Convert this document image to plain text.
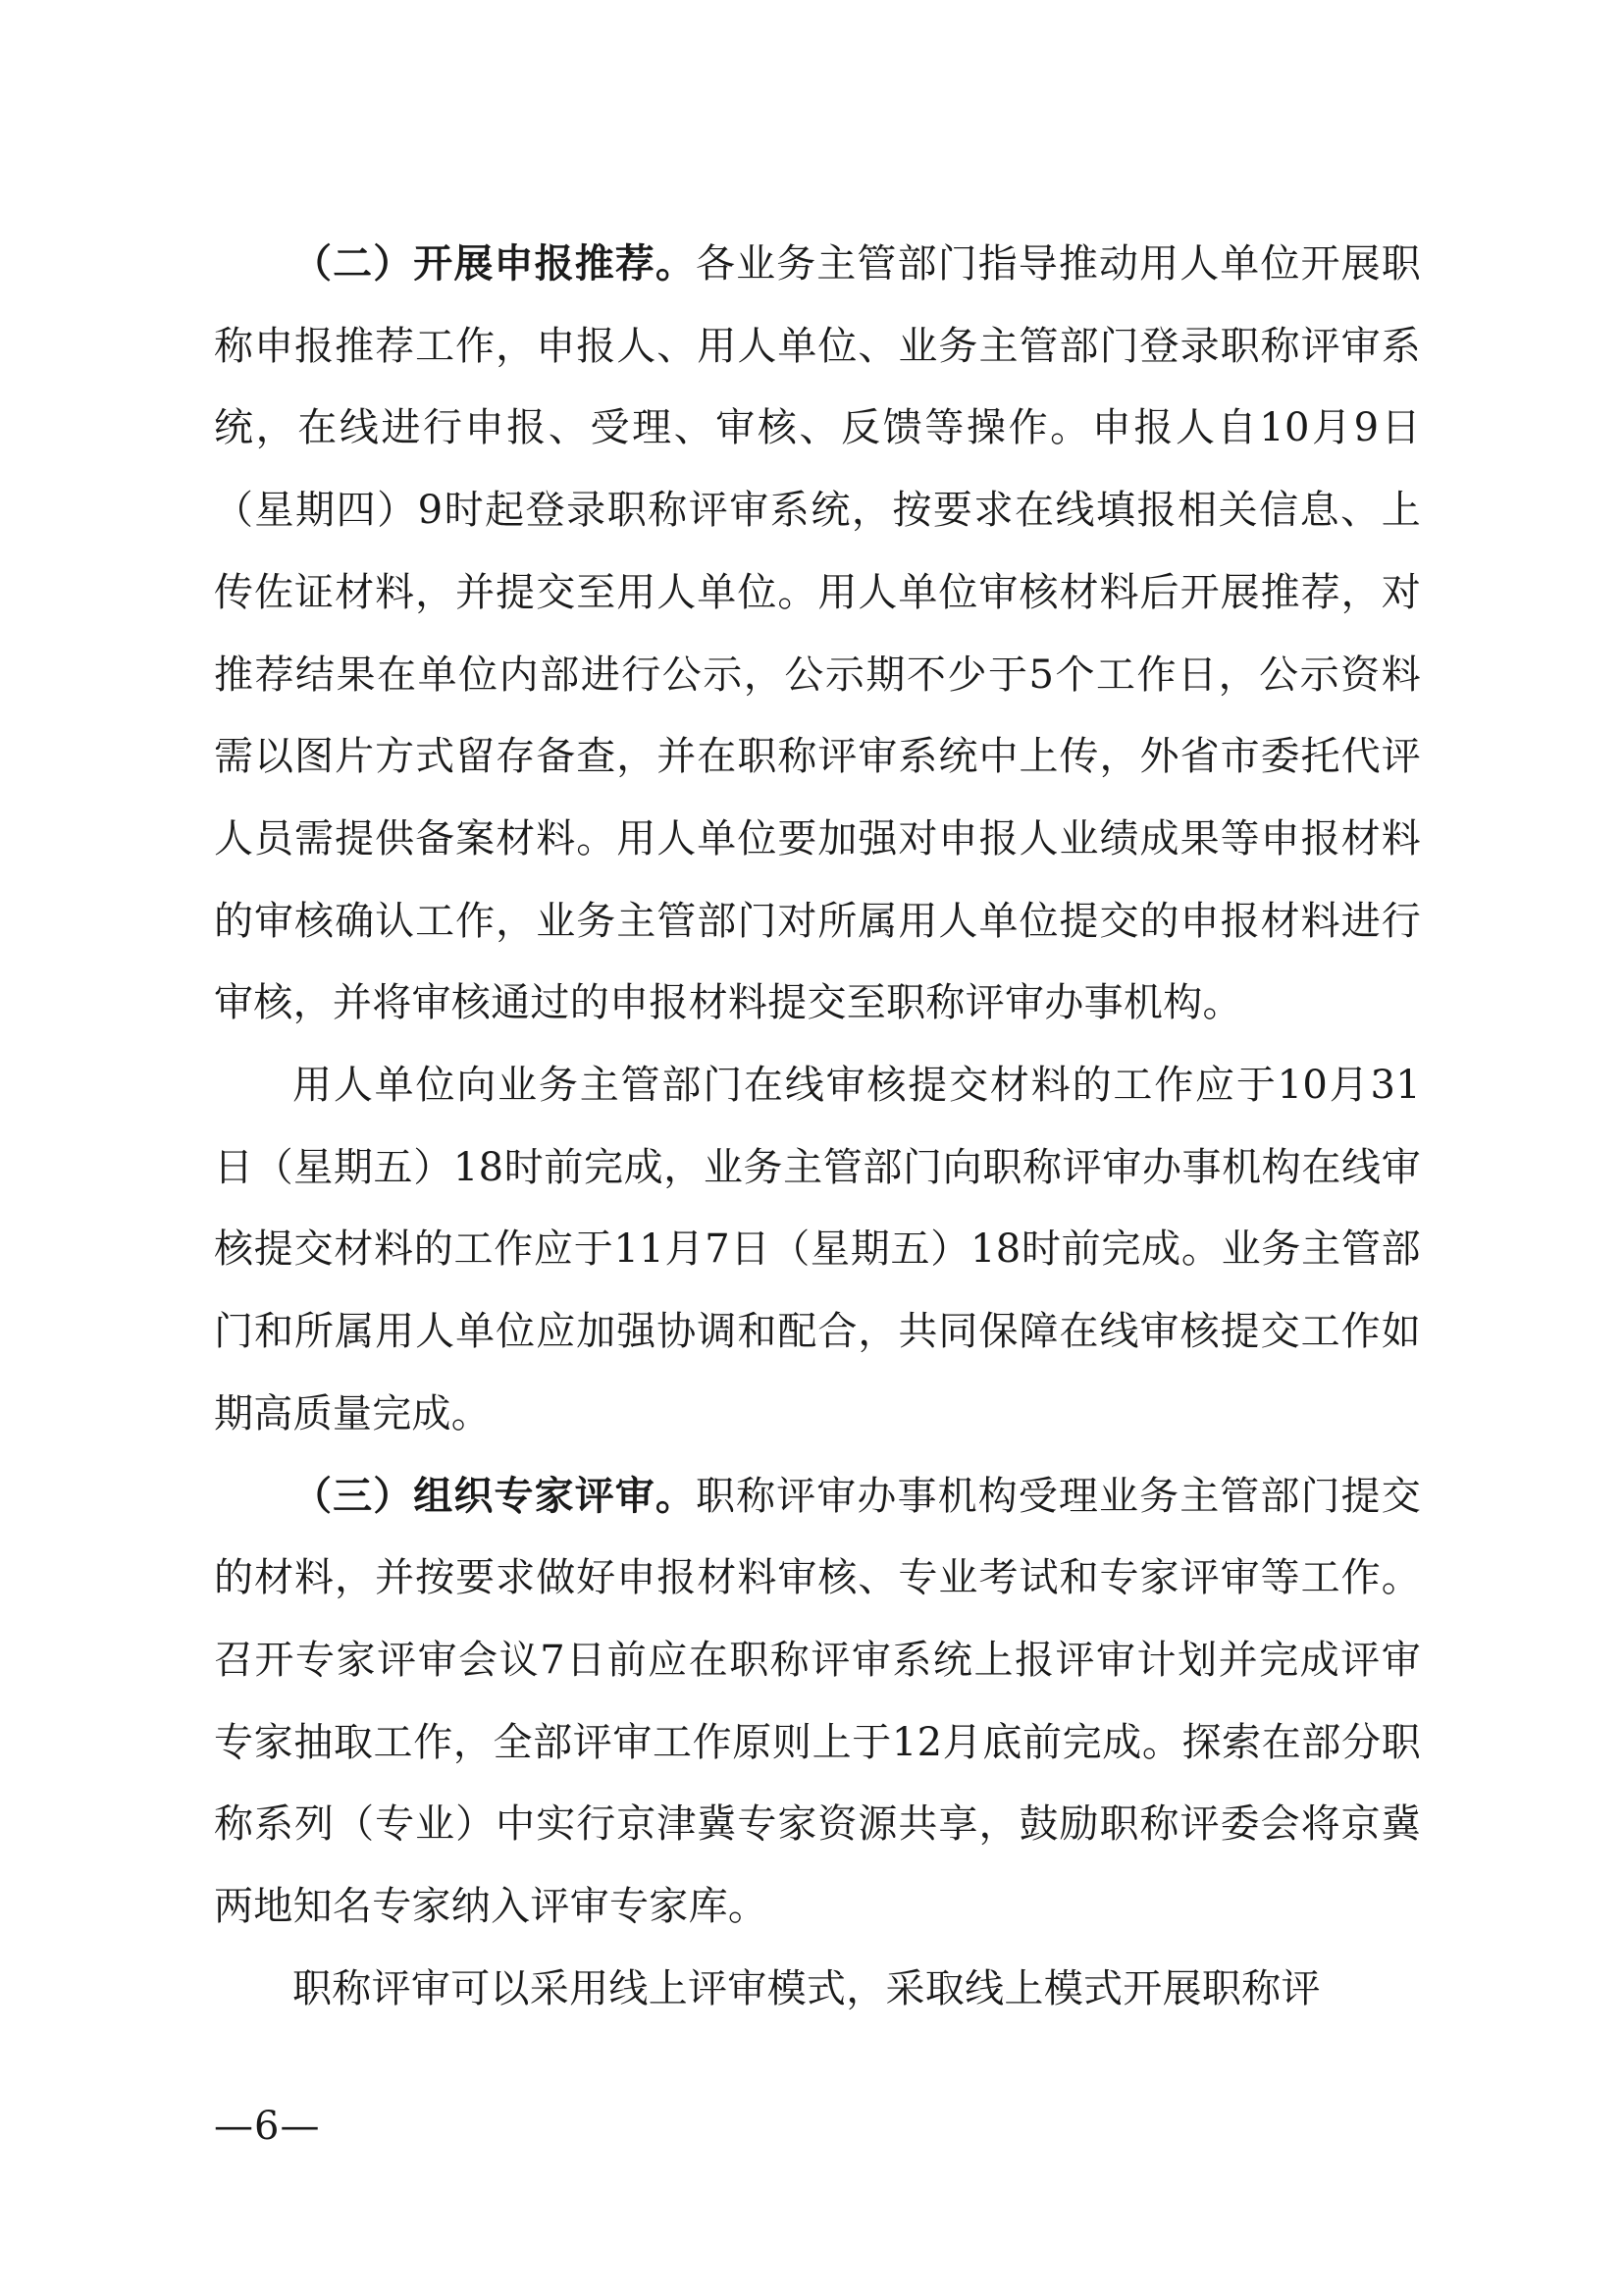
（二）开展申报推荐。各业务主管部门指导推动用人单位开展职称申报推荐工作，申报人、用人单位、业务主管部门登录职称评审系统，在线进行申报、受理、审核、反馈等操作。申报人自10月9日（星期四）9时起登录职称评审系统，按要求在线填报相关信息、上传佐证材料，并提交至用人单位。用人单位审核材料后开展推荐，对推荐结果在单位内部进行公示，公示期不少于5个工作日，公示资料需以图片方式留存备查，并在职称评审系统中上传，外省市委托代评人员需提供备案材料。用人单位要加强对申报人业绩成果等申报材料的审核确认工作，业务主管部门对所属用人单位提交的申报材料进行审核，并将审核通过的申报材料提交至职称评审办事机构。

用人单位向业务主管部门在线审核提交材料的工作应于10月31日（星期五）18时前完成，业务主管部门向职称评审办事机构在线审核提交材料的工作应于11月7日（星期五）18时前完成。业务主管部门和所属用人单位应加强协调和配合，共同保障在线审核提交工作如期高质量完成。

（三）组织专家评审。职称评审办事机构受理业务主管部门提交的材料，并按要求做好申报材料审核、专业考试和专家评审等工作。召开专家评审会议7日前应在职称评审系统上报评审计划并完成评审专家抽取工作，全部评审工作原则上于12月底前完成。探索在部分职称系列（专业）中实行京津冀专家资源共享，鼓励职称评委会将京冀两地知名专家纳入评审专家库。

职称评审可以采用线上评审模式，采取线上模式开展职称评

—6—
